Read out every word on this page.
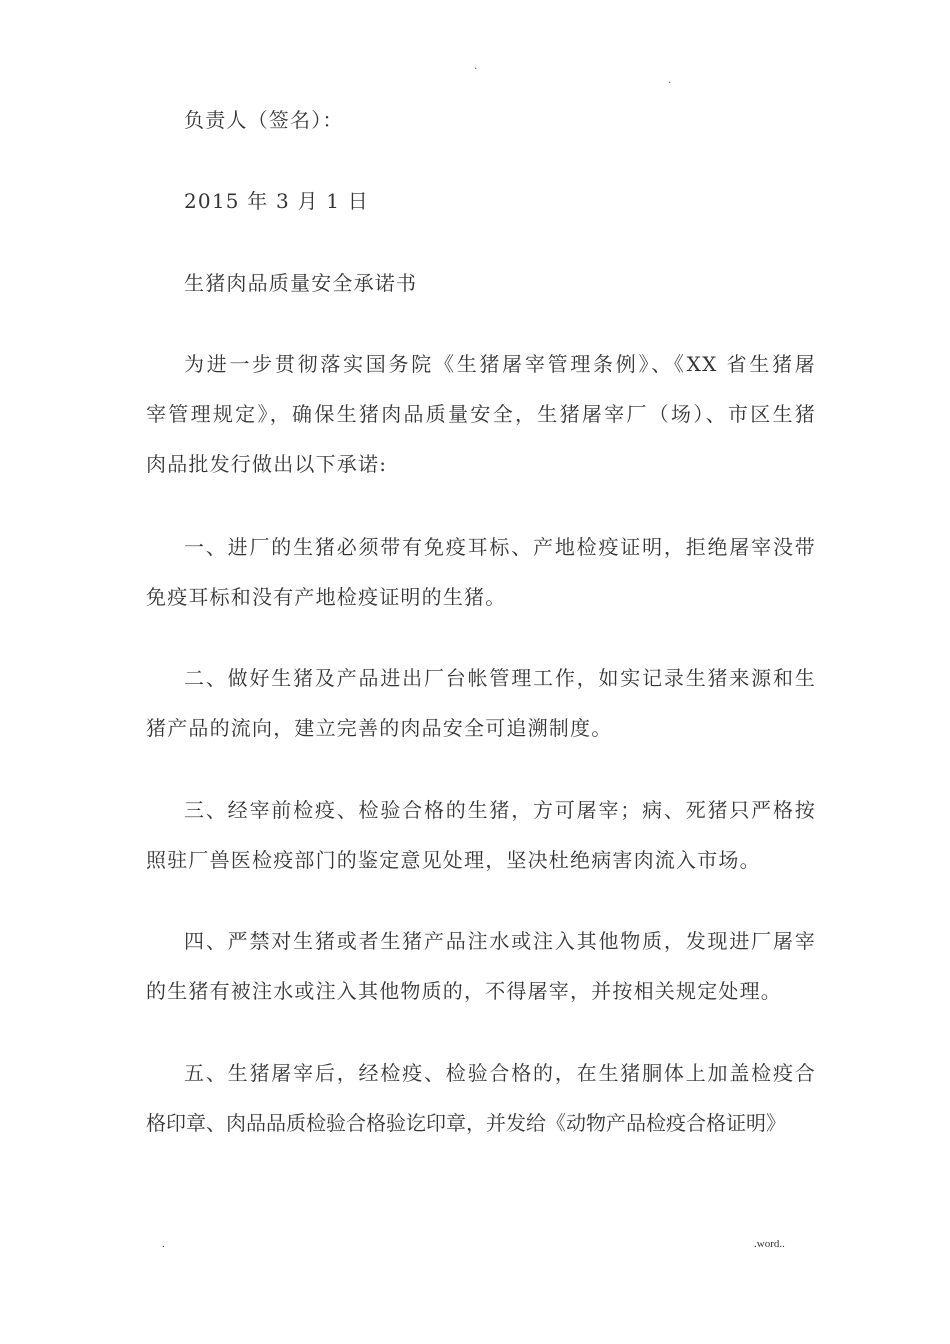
.
.
负责人（签名）：
2015 年 3 月 1 日
生猪肉品质量安全承诺书
为进一步贯彻落实国务院《生猪屠宰管理条例》、《XX 省生猪屠
宰管理规定》，确保生猪肉品质量安全，生猪屠宰厂（场）、市区生猪
肉品批发行做出以下承诺:
一、进厂的生猪必须带有免疫耳标、产地检疫证明，拒绝屠宰没带
免疫耳标和没有产地检疫证明的生猪。
二、做好生猪及产品进出厂台帐管理工作，如实记录生猪来源和生
猪产品的流向，建立完善的肉品安全可追溯制度。
三、经宰前检疫、检验合格的生猪，方可屠宰；病、死猪只严格按
照驻厂兽医检疫部门的鉴定意见处理，坚决杜绝病害肉流入市场。
四、严禁对生猪或者生猪产品注水或注入其他物质，发现进厂屠宰
的生猪有被注水或注入其他物质的，不得屠宰，并按相关规定处理。
五、生猪屠宰后，经检疫、检验合格的，在生猪胴体上加盖检疫合
格印章、肉品品质检验合格验讫印章，并发给《动物产品检疫合格证明》
.	.word..
